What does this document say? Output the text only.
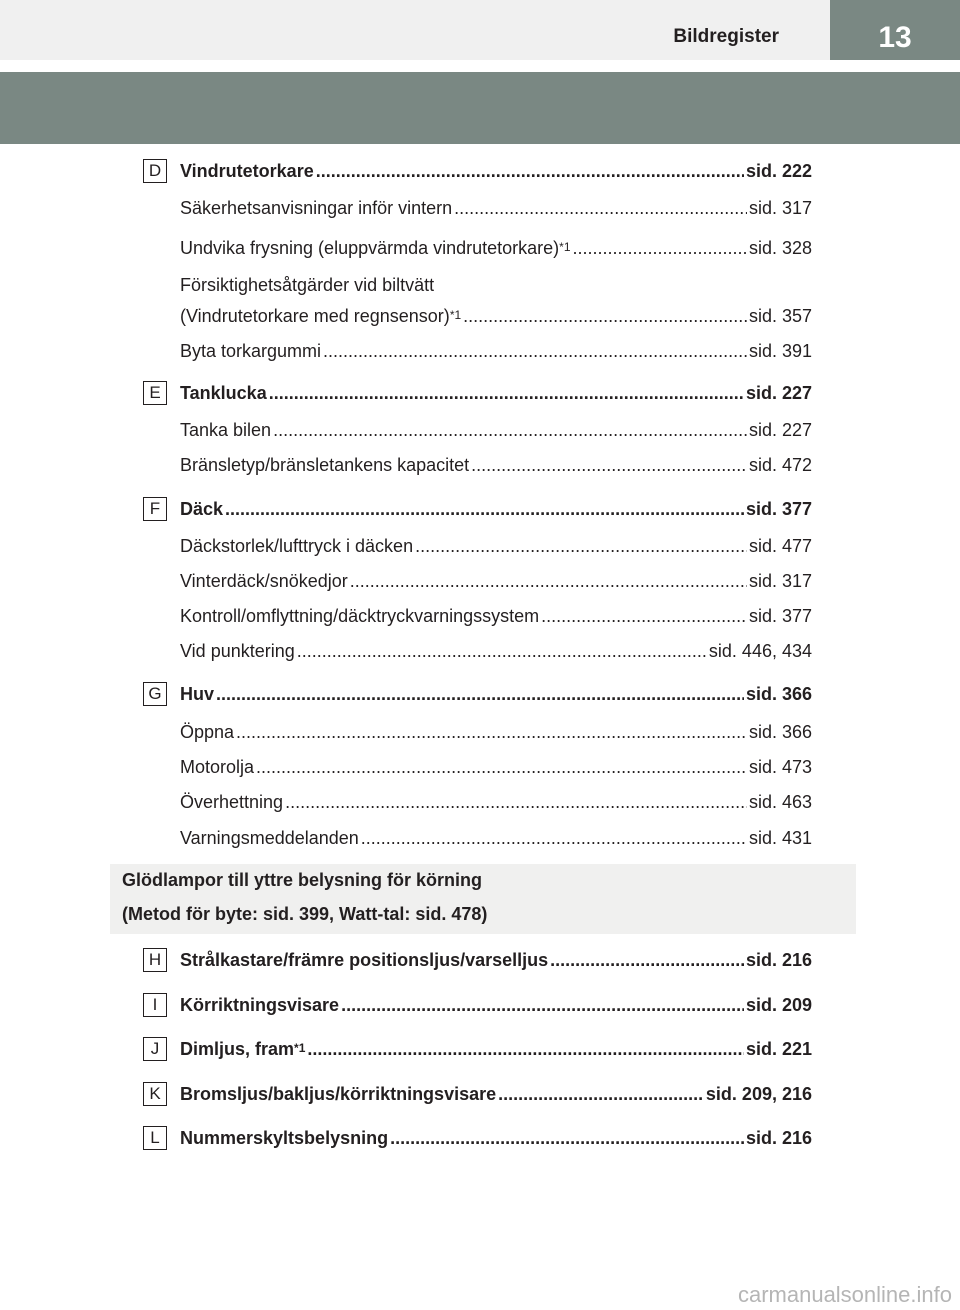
Bildregister	13
D	Vindrutetorkare .....	sid. 222
Säkerhetsanvisningar inför vintern .....	sid. 317
Undvika frysning (eluppvärmda vindrutetorkare)$^{*1}$ .....	sid. 328
Försiktighetsåtgärder vid biltvätt
(Vindrutetorkare med regnsensor)$^{*1}$ .....	sid. 357
Byta torkargummi .....	sid. 391
E	Tanklucka .....	sid. 227
Tanka bilen .....	sid. 227
Bränsletyp/bränsletankens kapacitet .....	sid. 472
F	Däck .....	sid. 377
Däckstorlek/lufttryck i däcken .....	sid. 477
Vinterdäck/snökedjor .....	sid. 317
Kontroll/omflyttning/däcktryckvarningssystem .....	sid. 377
Vid punktering .....	sid. 446, 434
G Huv .....	sid. 366
Öppna .....	sid. 366
Motorolja .....	sid. 473
Överhettning .....	sid. 463
Varningsmeddelanden .....	sid. 431
Glödlampor till yttre belysning för körning
(Metod för byte: sid. 399, Watt-tal: sid. 478)
H	Strålkastare/främre positionsljus/varselljus .....	sid. 216
I	Körriktningsvisare .....	sid. 209
J	Dimljus, fram$^{*1}$ .....	sid. 221
K	Bromsljus/bakljus/körriktningsvisare .....	sid. 209, 216
L	Nummerskyltsbelysning .....	sid. 216
carmanualsonline.info
